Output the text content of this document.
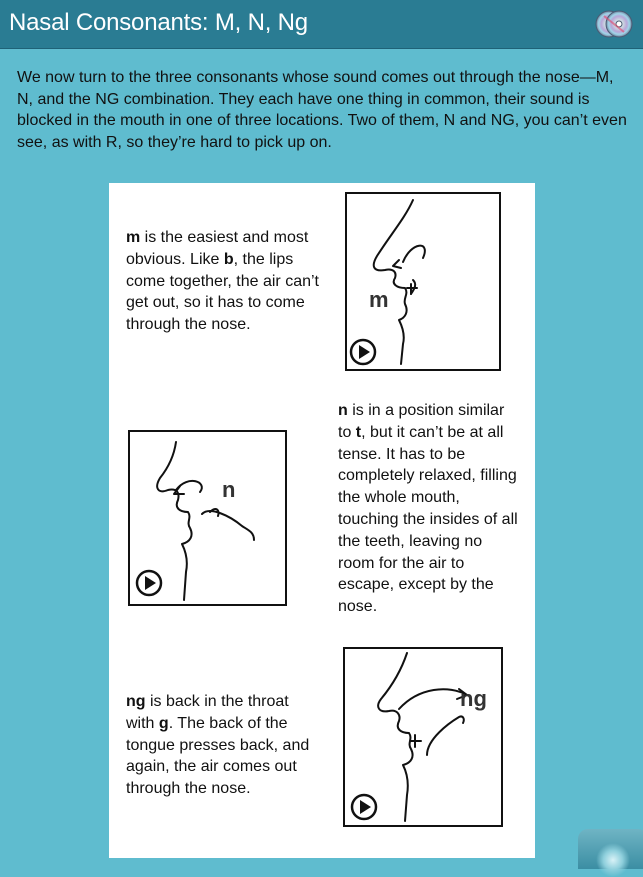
Nasal Consonants: M, N, Ng
We now turn to the three consonants whose sound comes out through the nose—M, N, and the NG combination. They each have one thing in common, their sound is blocked in the mouth in one of three locations. Two of them, N and NG, you can’t even see, as with R, so they’re hard to pick up on.
m is the easiest and most obvious. Like b, the lips come together, the air can’t get out, so it has to come through the nose.
m
n
n is in a position similar to t, but it can’t be at all tense. It has to be completely relaxed, filling the whole mouth, touching the insides of all the teeth, leaving no room for the air to escape, except by the nose.
ng is back in the throat with g. The back of the tongue presses back, and again, the air comes out through the nose.
ng
